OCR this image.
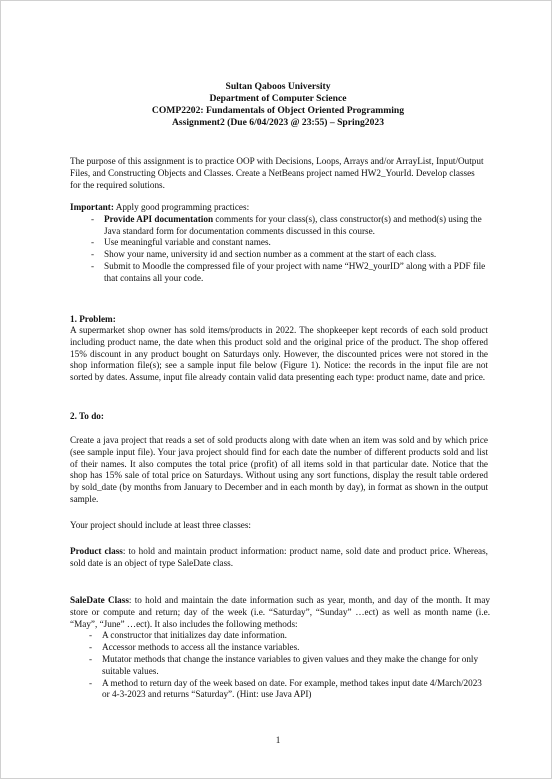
Sultan Qaboos University

Department of Computer Science

COMP2202: Fundamentals of Object Oriented Programming

Assignment2 (Due 6/04/2023 @ 23:55) – Spring2023

The purpose of this assignment is to practice OOP with Decisions, Loops, Arrays and/or ArrayList, Input/Output Files, and Constructing Objects and Classes. Create a NetBeans project named HW2_YourId. Develop classes for the required solutions.

Important: Apply good programming practices:
- Provide API documentation comments for your class(s), class constructor(s) and method(s) using the Java standard form for documentation comments discussed in this course.
- Use meaningful variable and constant names.
- Show your name, university id and section number as a comment at the start of each class.
- Submit to Moodle the compressed file of your project with name “HW2_yourID” along with a PDF file that contains all your code.

1. Problem:

A supermarket shop owner has sold items/products in 2022. The shopkeeper kept records of each sold product including product name, the date when this product sold and the original price of the product. The shop offered 15% discount in any product bought on Saturdays only. However, the discounted prices were not stored in the shop information file(s); see a sample input file below (Figure 1). Notice: the records in the input file are not sorted by dates. Assume, input file already contain valid data presenting each type: product name, date and price.

2. To do:

Create a java project that reads a set of sold products along with date when an item was sold and by which price (see sample input file). Your java project should find for each date the number of different products sold and list of their names. It also computes the total price (profit) of all items sold in that particular date. Notice that the shop has 15% sale of total price on Saturdays. Without using any sort functions, display the result table ordered by sold_date (by months from January to December and in each month by day), in format as shown in the output sample.

Your project should include at least three classes:

Product class: to hold and maintain product information: product name, sold date and product price. Whereas, sold date is an object of type SaleDate class.

SaleDate Class: to hold and maintain the date information such as year, month, and day of the month. It may store or compute and return; day of the week (i.e. “Saturday”, “Sunday” …ect) as well as month name (i.e. “May”, “June” …ect). It also includes the following methods:

- A constructor that initializes day date information.
- Accessor methods to access all the instance variables.
- Mutator methods that change the instance variables to given values and they make the change for only suitable values.
- A method to return day of the week based on date. For example, method takes input date 4/March/2023 or 4-3-2023 and returns “Saturday”. (Hint: use Java API)

1
